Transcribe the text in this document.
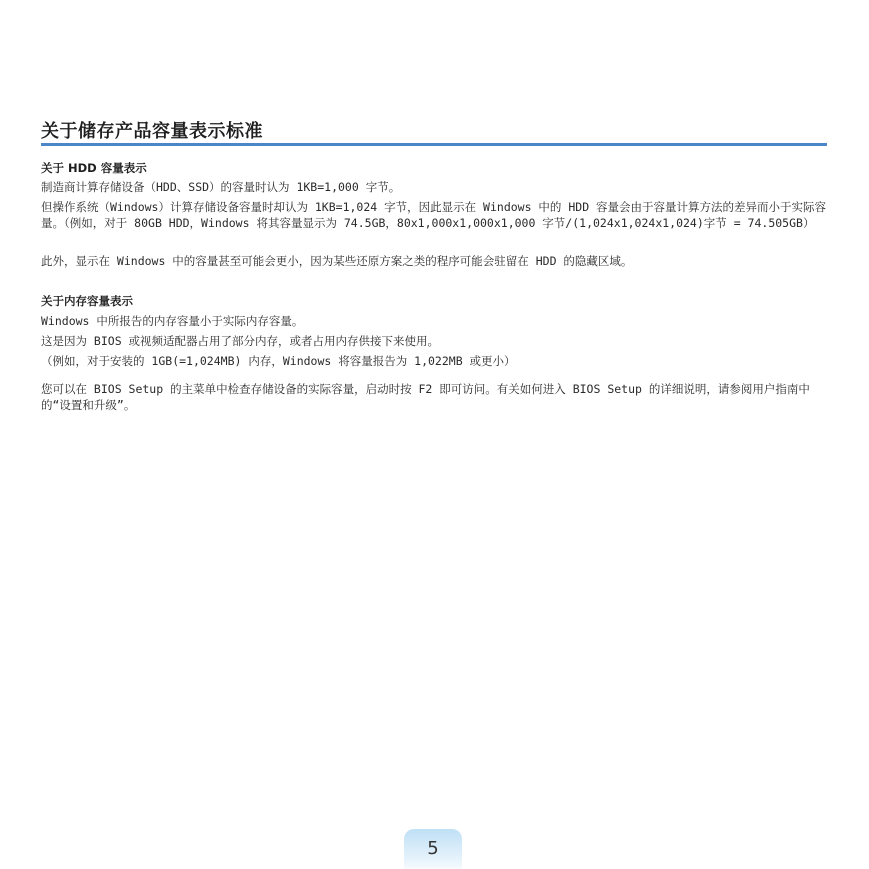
关于储存产品容量表示标准
关于 HDD 容量表示

制造商计算存储设备（HDD、SSD）的容量时认为 1KB=1,000 字节。

但操作系统（Windows）计算存储设备容量时却认为 1KB=1,024 字节，因此显示在 Windows 中的 HDD 容量会由于容量计算方法的差异而小于实际容量。（例如，对于 80GB HDD，Windows 将其容量显示为 74.5GB，80x1,000x1,000x1,000 字节/(1,024x1,024x1,024)字节 = 74.505GB）

此外，显示在 Windows 中的容量甚至可能会更小，因为某些还原方案之类的程序可能会驻留在 HDD 的隐藏区域。

关于内存容量表示

Windows 中所报告的内存容量小于实际内存容量。

这是因为 BIOS 或视频适配器占用了部分内存，或者占用内存供接下来使用。

（例如，对于安装的 1GB(=1,024MB) 内存，Windows 将容量报告为 1,022MB 或更小）

您可以在 BIOS Setup 的主菜单中检查存储设备的实际容量，启动时按 F2 即可访问。有关如何进入 BIOS Setup 的详细说明，请参阅用户指南中的“设置和升级”。

5
